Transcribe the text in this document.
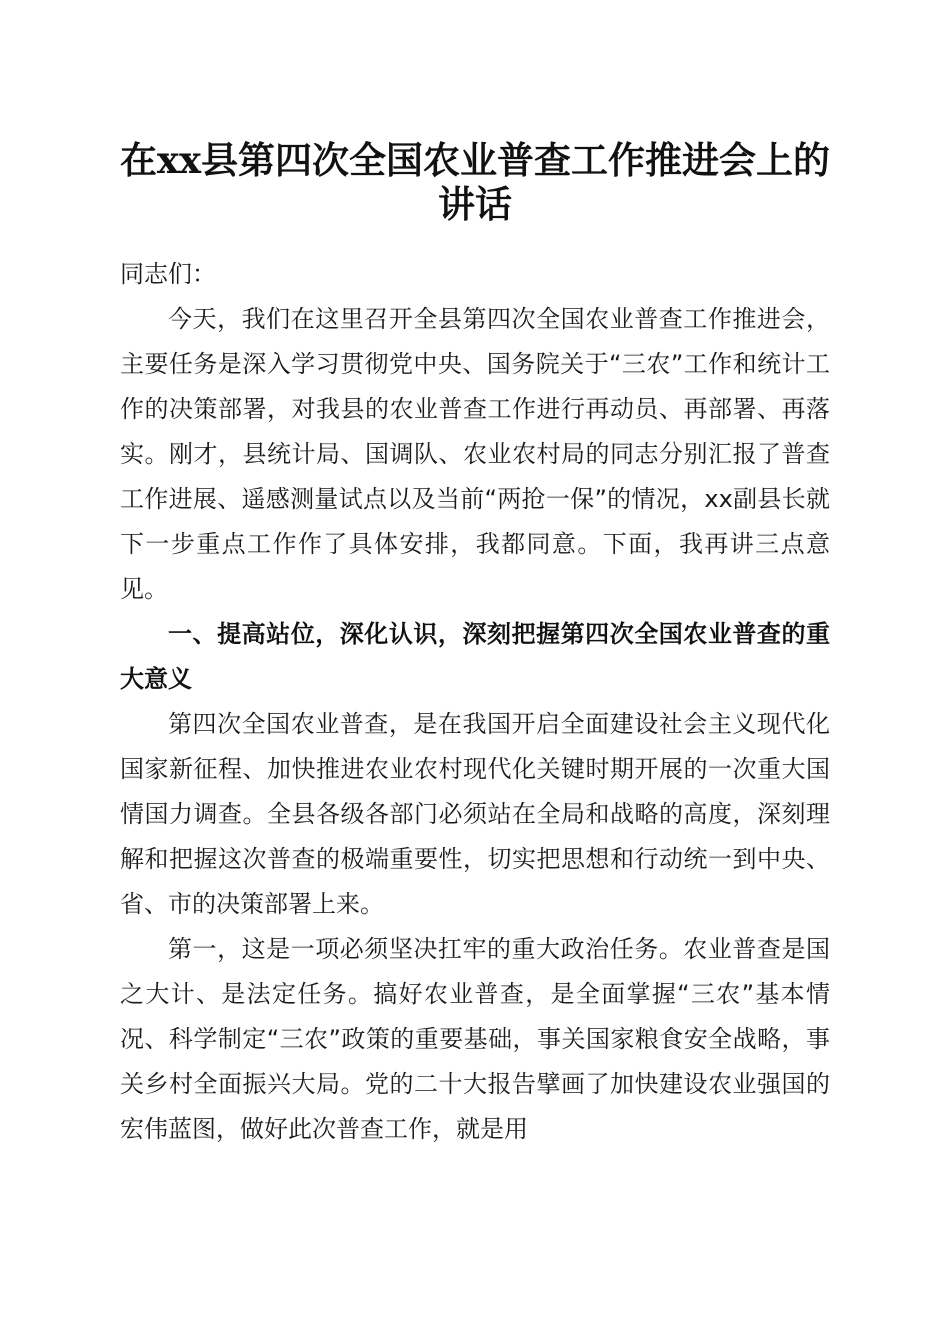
在xx县第四次全国农业普查工作推进会上的讲话

同志们：

今天，我们在这里召开全县第四次全国农业普查工作推进会，主要任务是深入学习贯彻党中央、国务院关于“三农”工作和统计工作的决策部署，对我县的农业普查工作进行再动员、再部署、再落实。刚才，县统计局、国调队、农业农村局的同志分别汇报了普查工作进展、遥感测量试点以及当前“两抢一保”的情况，xx副县长就下一步重点工作作了具体安排，我都同意。下面，我再讲三点意见。

一、提高站位，深化认识，深刻把握第四次全国农业普查的重大意义

第四次全国农业普查，是在我国开启全面建设社会主义现代化国家新征程、加快推进农业农村现代化关键时期开展的一次重大国情国力调查。全县各级各部门必须站在全局和战略的高度，深刻理解和把握这次普查的极端重要性，切实把思想和行动统一到中央、省、市的决策部署上来。

第一，这是一项必须坚决扛牢的重大政治任务。农业普查是国之大计、是法定任务。搞好农业普查，是全面掌握“三农”基本情况、科学制定“三农”政策的重要基础，事关国家粮食安全战略，事关乡村全面振兴大局。党的二十大报告擘画了加快建设农业强国的宏伟蓝图，做好此次普查工作，就是用
